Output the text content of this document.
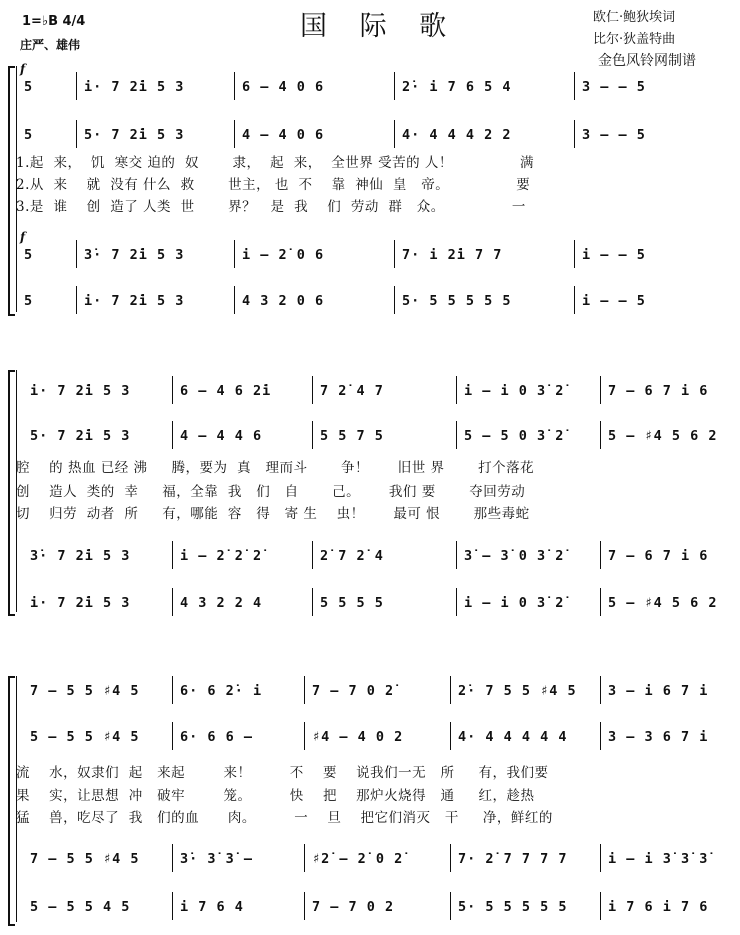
1=♭B 4/4
庄严、雄伟
国 际 歌	欧仁·鲍狄埃词
比尔·狄盖特曲
金色风铃网制谱
f
5	i· 7 2̇i 5 3	6 – 4 0 6	2̇· i 7 6 5 4	3 – – 5
5	5· 7 2̇i 5 3	4 – 4 0 6	4· 4 4 4 2 2	3 – – 5
1.起  来，  饥  寒交 迫的  奴       隶，  起  来，  全世界 受苦的 人！              满
2.从  来    就  没有 什么  救       世主， 也  不    靠  神仙  皇   帝。              要
3.是  谁    创  造了 人类  世       界？   是  我    们  劳动  群   众。              一
f
5	3̇· 7 2̇i 5 3	i – 2̇ 0 6	7· i 2̇i 7 7	i – – 5
5	i· 7 2̇i 5 3	4 3 2 0 6	5· 5 5 5 5 5	i – – 5
i· 7 2̇i 5 3	6 – 4 6 2̇i	7 2̇ 4 7	i – i 0 3̇ 2̇	7 – 6 7 i 6
5· 7 2̇i 5 3	4 – 4 4 6	5 5 7 5	5 – 5 0 3̇ 2̇	5 – ♯4 5 6 2
腔    的 热血 已经 沸     腾，要为  真   理而斗       争！      旧世 界       打个落花
创    造人  类的  幸     福，全靠  我   们   自       己。      我们 要       夺回劳动
切    归劳  动者  所     有，哪能  容   得   寄 生    虫！      最可 恨       那些毒蛇
3̇· 7 2̇i 5 3	i – 2̇ 2̇ 2̇	2̇ 7 2̇ 4	3̇ – 3̇ 0 3̇ 2̇	7 – 6 7 i 6
i· 7 2̇i 5 3	4 3 2 2 4	5 5 5 5	i – i 0 3̇ 2̇	5 – ♯4 5 6 2
7 – 5 5 ♯4 5	6· 6 2̇· i	7 – 7 0 2̇	2̇· 7 5 5 ♯4 5	3 – i 6 7 i
5 – 5 5 ♯4 5	6· 6 6 –	♯4 – 4 0 2	4· 4 4 4 4 4	3 – 3 6 7 i
流    水，奴隶们  起   来起        来！        不    要    说我们一无   所     有，我们要
果    实，让思想  冲   破牢        笼。        快    把    那炉火烧得   通     红，趁热
猛    兽，吃尽了  我   们的血      肉。        一    旦    把它们消灭   干     净，鲜红的
7 – 5 5 ♯4 5	3̇· 3̇ 3̇ –	♯2̇ – 2̇ 0 2̇	7· 2̇ 7 7 7 7	i – i 3̇ 3̇ 3̇
5 – 5 5 4 5	i 7 6 4	7 – 7 0 2	5· 5 5 5 5 5	i 7 6 i 7 6
